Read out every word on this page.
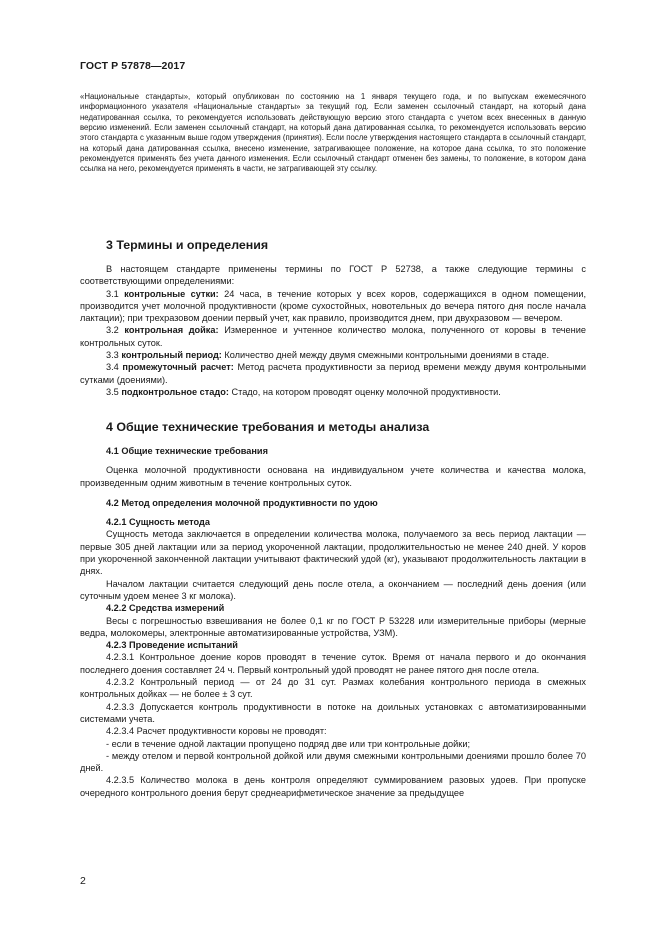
ГОСТ Р 57878—2017

«Национальные стандарты», который опубликован по состоянию на 1 января текущего года, и по выпускам ежемесячного информационного указателя «Национальные стандарты» за текущий год. Если заменен ссылочный стандарт, на который дана недатированная ссылка, то рекомендуется использовать действующую версию этого стандарта с учетом всех внесенных в данную версию изменений. Если заменен ссылочный стандарт, на который дана датированная ссылка, то рекомендуется использовать версию этого стандарта с указанным выше годом утверждения (принятия). Если после утверждения настоящего стандарта в ссылочный стандарт, на который дана датированная ссылка, внесено изменение, затрагивающее положение, на которое дана ссылка, то это положение рекомендуется применять без учета данного изменения. Если ссылочный стандарт отменен без замены, то положение, в котором дана ссылка на него, рекомендуется применять в части, не затрагивающей эту ссылку.

3 Термины и определения

В настоящем стандарте применены термины по ГОСТ Р 52738, а также следующие термины с соответствующими определениями:

3.1 контрольные сутки: 24 часа, в течение которых у всех коров, содержащихся в одном помещении, производится учет молочной продуктивности (кроме сухостойных, новотельных до вечера пятого дня после начала лактации); при трехразовом доении первый учет, как правило, производится днем, при двухразовом — вечером.

3.2 контрольная дойка: Измеренное и учтенное количество молока, полученного от коровы в течение контрольных суток.

3.3 контрольный период: Количество дней между двумя смежными контрольными доениями в стаде.

3.4 промежуточный расчет: Метод расчета продуктивности за период времени между двумя контрольными сутками (доениями).

3.5 подконтрольное стадо: Стадо, на котором проводят оценку молочной продуктивности.

4 Общие технические требования и методы анализа

4.1 Общие технические требования

Оценка молочной продуктивности основана на индивидуальном учете количества и качества молока, произведенным одним животным в течение контрольных суток.

4.2 Метод определения молочной продуктивности по удою

4.2.1 Сущность метода

Сущность метода заключается в определении количества молока, получаемого за весь период лактации — первые 305 дней лактации или за период укороченной лактации, продолжительностью не менее 240 дней. У коров при укороченной законченной лактации учитывают фактический удой (кг), указывают продолжительность лактации в днях.

Началом лактации считается следующий день после отела, а окончанием — последний день доения (или суточным удоем менее 3 кг молока).

4.2.2 Средства измерений

Весы с погрешностью взвешивания не более 0,1 кг по ГОСТ Р 53228 или измерительные приборы (мерные ведра, молокомеры, электронные автоматизированные устройства, УЗМ).

4.2.3 Проведение испытаний

4.2.3.1 Контрольное доение коров проводят в течение суток. Время от начала первого и до окончания последнего доения составляет 24 ч. Первый контрольный удой проводят не ранее пятого дня после отела.

4.2.3.2 Контрольный период — от 24 до 31 сут. Размах колебания контрольного периода в смежных контрольных дойках — не более ± 3 сут.

4.2.3.3 Допускается контроль продуктивности в потоке на доильных установках с автоматизированными системами учета.

4.2.3.4 Расчет продуктивности коровы не проводят:

- если в течение одной лактации пропущено подряд две или три контрольные дойки;

- между отелом и первой контрольной дойкой или двумя смежными контрольными доениями прошло более 70 дней.

4.2.3.5 Количество молока в день контроля определяют суммированием разовых удоев. При пропуске очередного контрольного доения берут среднеарифметическое значение за предыдущее

2
